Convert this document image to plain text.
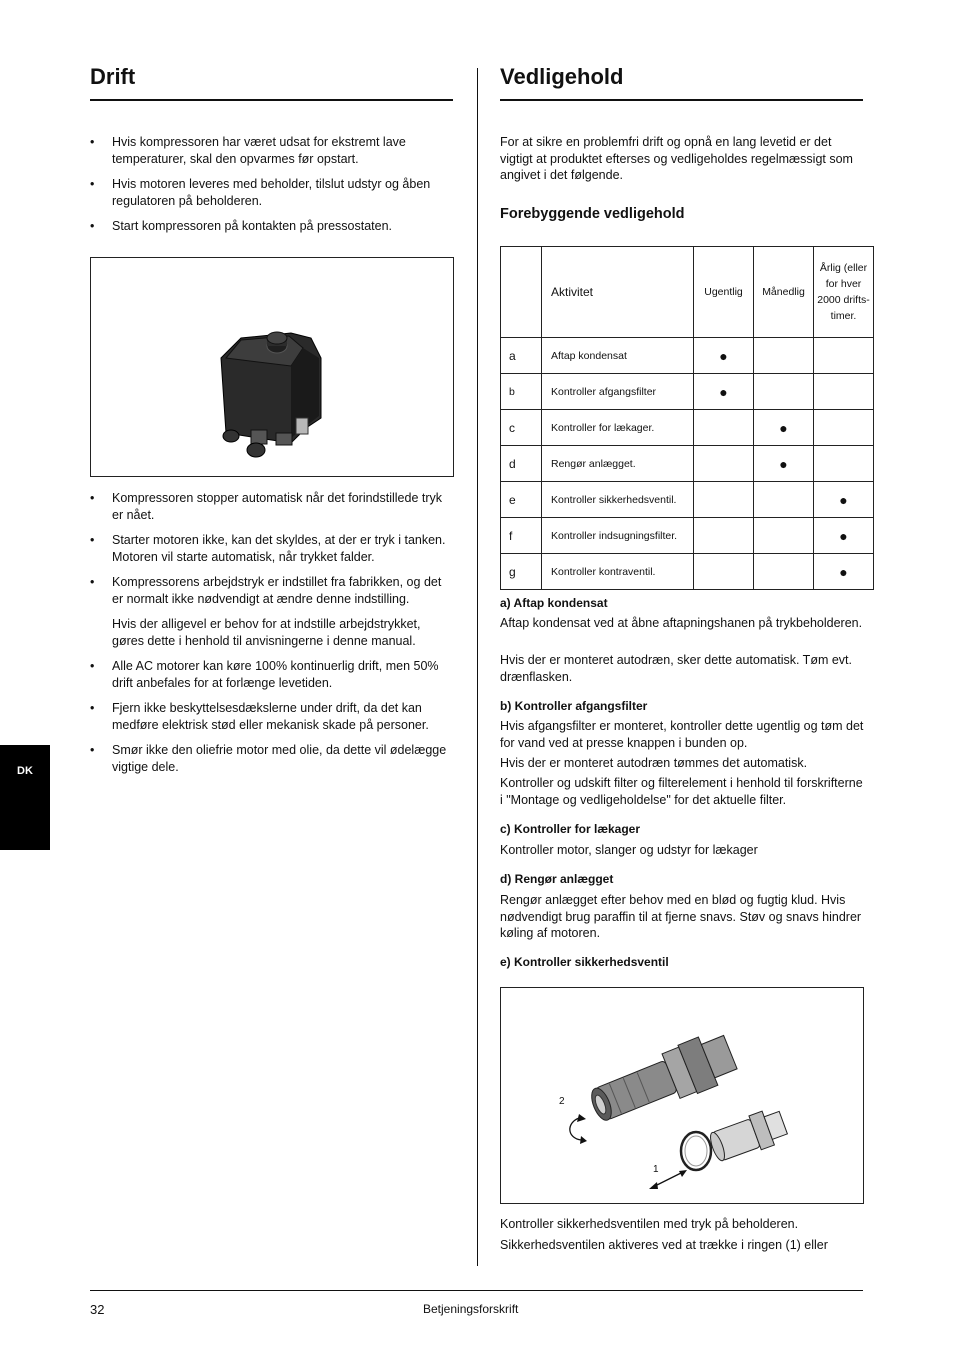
Drift
• Hvis kompressoren har været udsat for ekstremt lave temperaturer, skal den opvarmes før opstart.
• Hvis motoren leveres med beholder, tilslut udstyr og åben regulatoren på beholderen.
• Start kompressoren på kontakten på pressostaten.
• Kompressoren stopper automatisk når det forindstillede tryk er nået.
• Starter motoren ikke, kan det skyldes, at der er tryk i tanken. Motoren vil starte automatisk, når trykket falder.
• Kompressorens arbejdstryk er indstillet fra fabrikken, og det er normalt ikke nødvendigt at ændre denne indstilling.
Hvis der alligevel er behov for at indstille arbejdstrykket, gøres dette i henhold til anvisningerne i denne manual.
• Alle AC motorer kan køre 100% kontinuerlig drift, men 50% drift anbefales for at forlænge levetiden.
• Fjern ikke beskyttelsesdækslerne under drift, da det kan medføre elektrisk stød eller mekanisk skade på personer.
• Smør ikke den oliefrie motor med olie, da dette vil ødelægge vigtige dele.
DK
Vedligehold
For at sikre en problemfri drift og opnå en lang levetid er det vigtigt at produktet efterses og vedligeholdes regelmæssigt som angivet i det følgende.
Forebyggende vedligehold
	Aktivitet	Ugentlig	Månedlig	Årlig (eller for hver 2000 drifts-timer.
a	Aftap kondensat	●		
b	Kontroller afgangsfilter	●		
c	Kontroller for lækager.		●	
d	Rengør anlægget.		●	
e	Kontroller sikkerhedsventil.			●
f	Kontroller indsugningsfilter.			●
g	Kontroller kontraventil.			●
a) Aftap kondensat
Aftap kondensat ved at åbne aftapningshanen på trykbeholderen.
Hvis der er monteret autodræn, sker dette automatisk. Tøm evt. drænflasken.
b) Kontroller afgangsfilter
Hvis afgangsfilter er monteret, kontroller dette ugentlig og tøm det for vand ved at presse knappen i bunden op.
Hvis der er monteret autodræn tømmes det automatisk.
Kontroller og udskift filter og filterelement i henhold til forskrifterne i "Montage og vedligeholdelse" for det aktuelle filter.
c) Kontroller for lækager
Kontroller motor, slanger og udstyr for lækager
d) Rengør anlægget
Rengør anlægget efter behov med en blød og fugtig klud. Hvis nødvendigt brug paraffin til at fjerne snavs. Støv og snavs hindrer køling af motoren.
e) Kontroller sikkerhedsventil
2
1
Kontroller sikkerhedsventilen med tryk på beholderen.
Sikkerhedsventilen aktiveres ved at trække i ringen (1) eller
32	Betjeningsforskrift
